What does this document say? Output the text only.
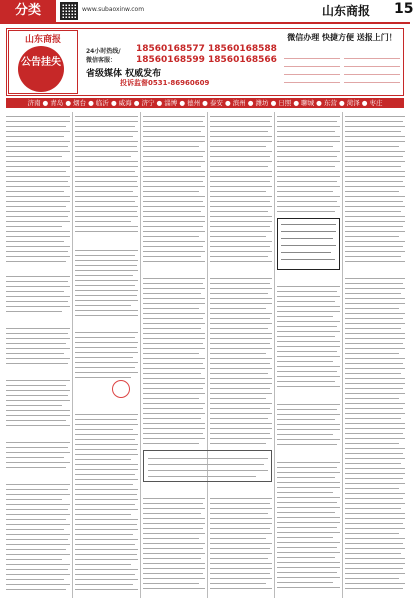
分类	www.subaoxinw.com	山东商报 15
山东商报
公告挂失
24小时热线/
微信客服：
18560168577 18560168588
18560168599 18560168566
省级媒体 权威发布
投诉监督0531-86960609
微信办理 快捷方便 送报上门！
济南 ● 青岛 ● 烟台 ● 临沂 ● 威海 ● 济宁 ● 淄博 ● 德州 ● 泰安 ● 滨州 ● 潍坊 ● 日照 ● 聊城 ● 东营 ● 菏泽 ● 枣庄
